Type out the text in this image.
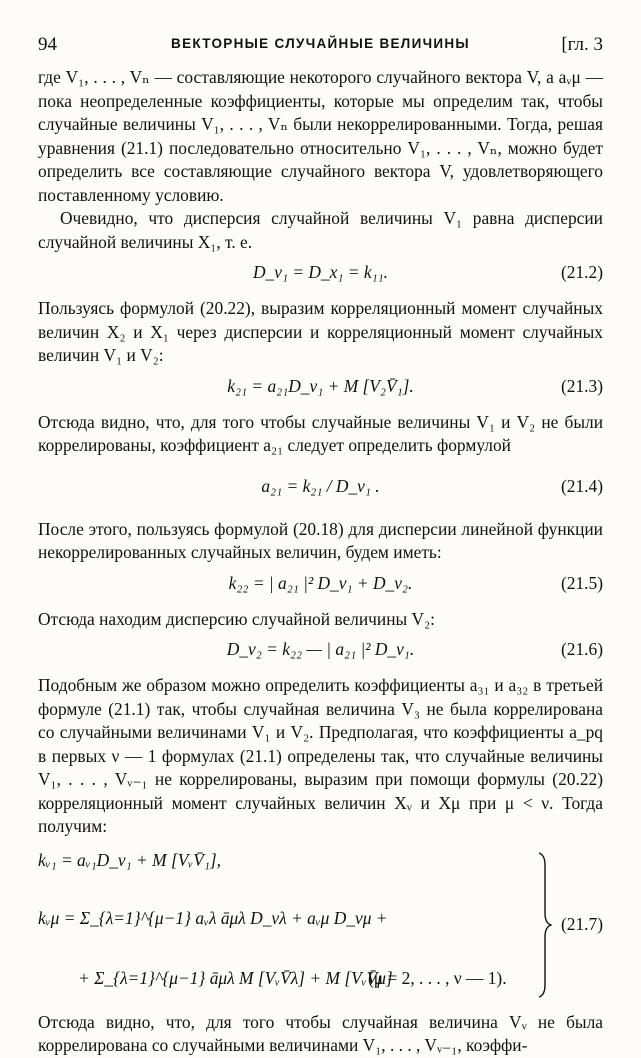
94	ВЕКТОРНЫЕ СЛУЧАЙНЫЕ ВЕЛИЧИНЫ	[гл. 3

где V₁, . . . , Vₙ — составляющие некоторого случайного вектора V, а aᵥμ — пока неопределенные коэффициенты, которые мы определим так, чтобы случайные величины V₁, . . . , Vₙ были некоррелированными. Тогда, решая уравнения (21.1) последовательно относительно V₁, . . . , Vₙ, можно будет определить все составляющие случайного вектора V, удовлетворяющего поставленному условию.

Очевидно, что дисперсия случайной величины V₁ равна дисперсии случайной величины X₁, т. е.

D_v₁ = D_x₁ = k₁₁.	(21.2)

Пользуясь формулой (20.22), выразим корреляционный момент случайных величин X₂ и X₁ через дисперсии и корреляционный момент случайных величин V₁ и V₂:

k₂₁ = a₂₁D_v₁ + M [V₂V̄₁].	(21.3)

Отсюда видно, что, для того чтобы случайные величины V₁ и V₂ не были коррелированы, коэффициент a₂₁ следует определить формулой

a₂₁ = k₂₁ / D_v₁ .	(21.4)

После этого, пользуясь формулой (20.18) для дисперсии линейной функции некоррелированных случайных величин, будем иметь:

k₂₂ = | a₂₁ |² D_v₁ + D_v₂.	(21.5)

Отсюда находим дисперсию случайной величины V₂:

D_v₂ = k₂₂ — | a₂₁ |² D_v₁.	(21.6)

Подобным же образом можно определить коэффициенты a₃₁ и a₃₂ в третьей формуле (21.1) так, чтобы случайная величина V₃ не была коррелирована со случайными величинами V₁ и V₂. Предполагая, что коэффициенты a_pq в первых ν — 1 формулах (21.1) определены так, что случайные величины V₁, . . . , Vᵥ₋₁ не коррелированы, выразим при помощи формулы (20.22) корреляционный момент случайных величин Xᵥ и Xμ при μ < ν. Тогда получим:

kᵥ₁ = aᵥ₁D_v₁ + M [VᵥV̄₁],
kᵥμ = Σ_{λ=1}^{μ−1} aᵥλ āμλ D_vλ + aᵥμ D_vμ +
+ Σ_{λ=1}^{μ−1} āμλ M [VᵥV̄λ] + M [VᵥV̄μ]
(μ = 2, . . . , ν — 1).
(21.7)

Отсюда видно, что, для того чтобы случайная величина Vᵥ не была коррелирована со случайными величинами V₁, . . . , Vᵥ₋₁, коэффи-
